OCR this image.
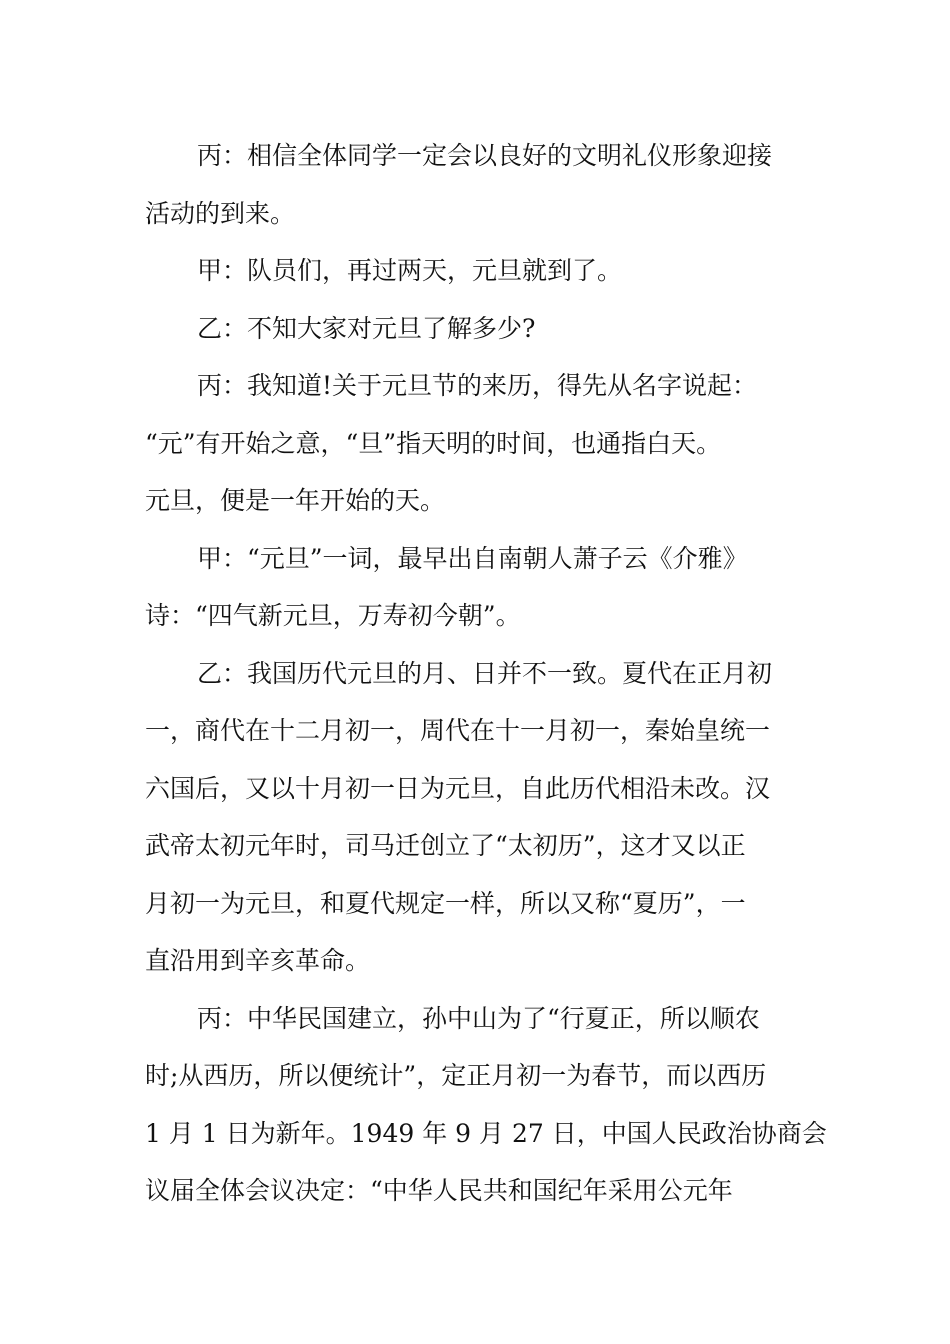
丙：相信全体同学一定会以良好的文明礼仪形象迎接
活动的到来。
甲：队员们，再过两天，元旦就到了。
乙：不知大家对元旦了解多少?
丙：我知道!关于元旦节的来历，得先从名字说起：
“元”有开始之意，“旦”指天明的时间，也通指白天。
元旦，便是一年开始的天。
甲：“元旦”一词，最早出自南朝人萧子云《介雅》
诗：“四气新元旦，万寿初今朝”。
乙：我国历代元旦的月、日并不一致。夏代在正月初
一，商代在十二月初一，周代在十一月初一，秦始皇统一
六国后，又以十月初一日为元旦，自此历代相沿未改。汉
武帝太初元年时，司马迁创立了“太初历”，这才又以正
月初一为元旦，和夏代规定一样，所以又称“夏历”，一
直沿用到辛亥革命。
丙：中华民国建立，孙中山为了“行夏正，所以顺农
时;从西历，所以便统计”，定正月初一为春节，而以西历
1 月 1 日为新年。1949 年 9 月 27 日，中国人民政治协商会
议届全体会议决定：“中华人民共和国纪年采用公元年
